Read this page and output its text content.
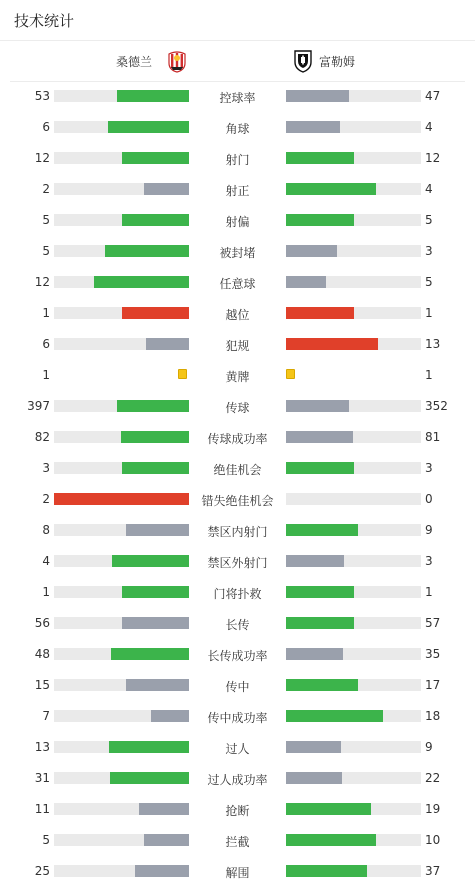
技术统计
桑德兰	富勒姆
53	控球率	47
6	角球	4
12	射门	12
2	射正	4
5	射偏	5
5	被封堵	3
12	任意球	5
1	越位	1
6	犯规	13
1	黄牌	1
397	传球	352
82	传球成功率	81
3	绝佳机会	3
2	错失绝佳机会	0
8	禁区内射门	9
4	禁区外射门	3
1	门将扑救	1
56	长传	57
48	长传成功率	35
15	传中	17
7	传中成功率	18
13	过人	9
31	过人成功率	22
11	抢断	19
5	拦截	10
25	解围	37
